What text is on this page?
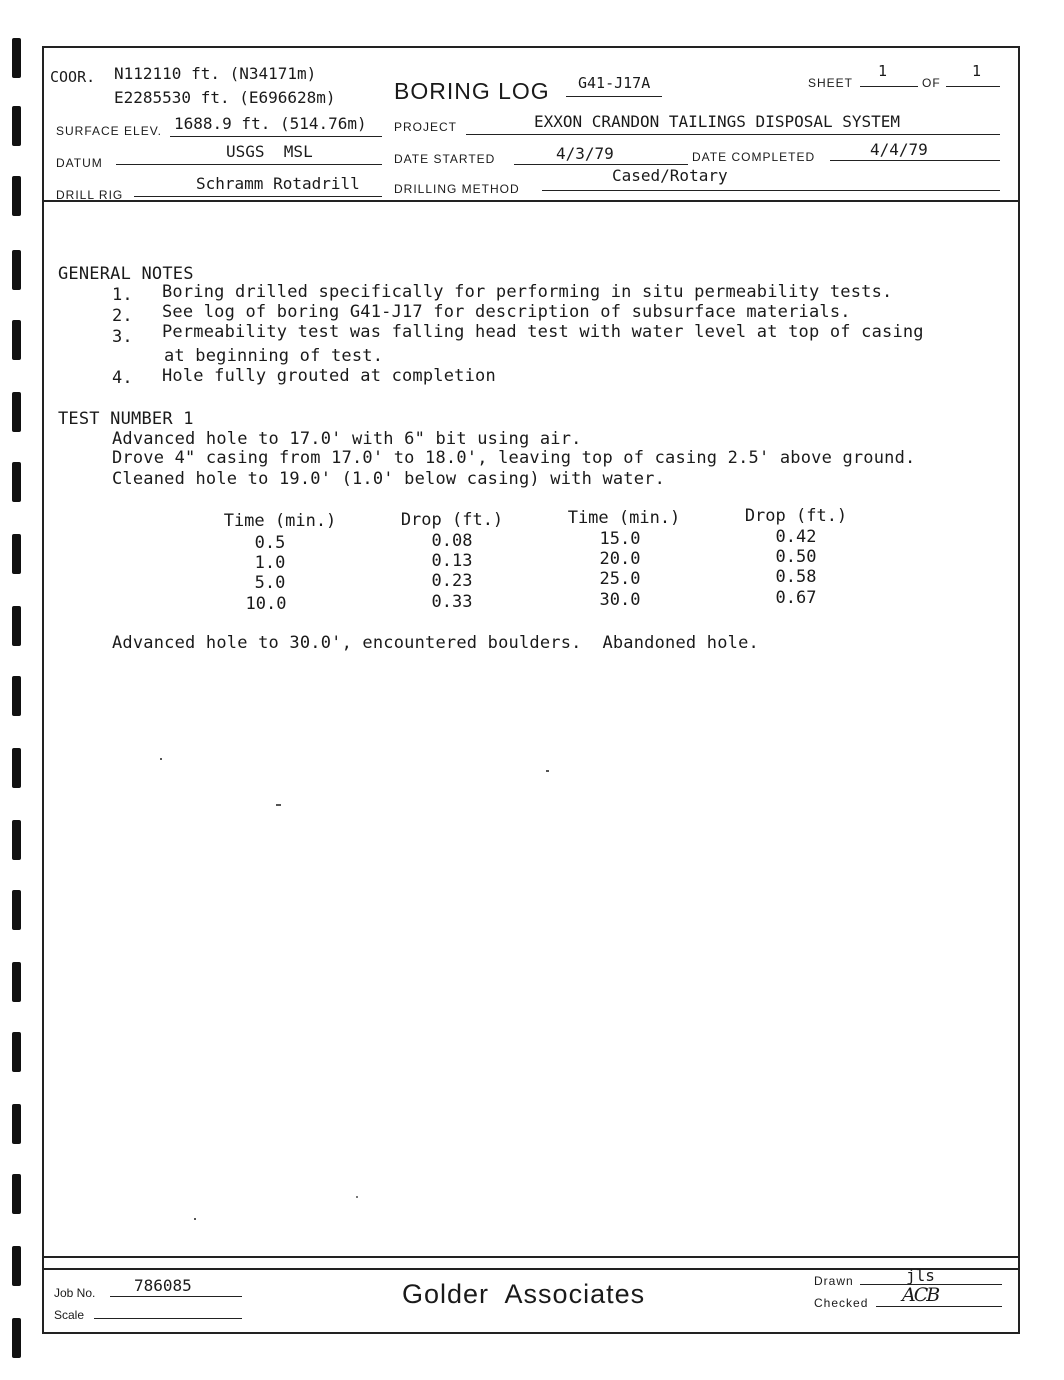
COOR. N112110 ft. (N34171m)
E2285530 ft. (E696628m)	BORING LOG G41-J17A	SHEET
1
OF
1
SURFACE ELEV. 1688.9 ft. (514.76m) PROJECT	EXXON CRANDON TAILINGS DISPOSAL SYSTEM
DATUM
USGS  MSL	DATE STARTED	4/3/79	DATE COMPLETED	4/4/79
DRILL RIG
Schramm Rotadrill	DRILLING METHOD
Cased/Rotary
GENERAL NOTES
1. Boring drilled specifically for performing in situ permeability tests.
2. See log of boring G41-J17 for description of subsurface materials.
3. Permeability test was falling head test with water level at top of casing
at beginning of test.
4. Hole fully grouted at completion
TEST NUMBER 1
Advanced hole to 17.0' with 6" bit using air.
Drove 4" casing from 17.0' to 18.0', leaving top of casing 2.5' above ground.
Cleaned hole to 19.0' (1.0' below casing) with water.
Time (min.)	Drop (ft.)	Time (min.)	Drop (ft.)
0.5	0.08	15.0	0.42
1.0	0.13	20.0	0.50
5.0	0.23	25.0	0.58
10.0	0.33	30.0	0.67
Advanced hole to 30.0', encountered boulders.  Abandoned hole.
Job No. 786085
Scale
Golder  Associates	Drawn	jls
Checked ACB
